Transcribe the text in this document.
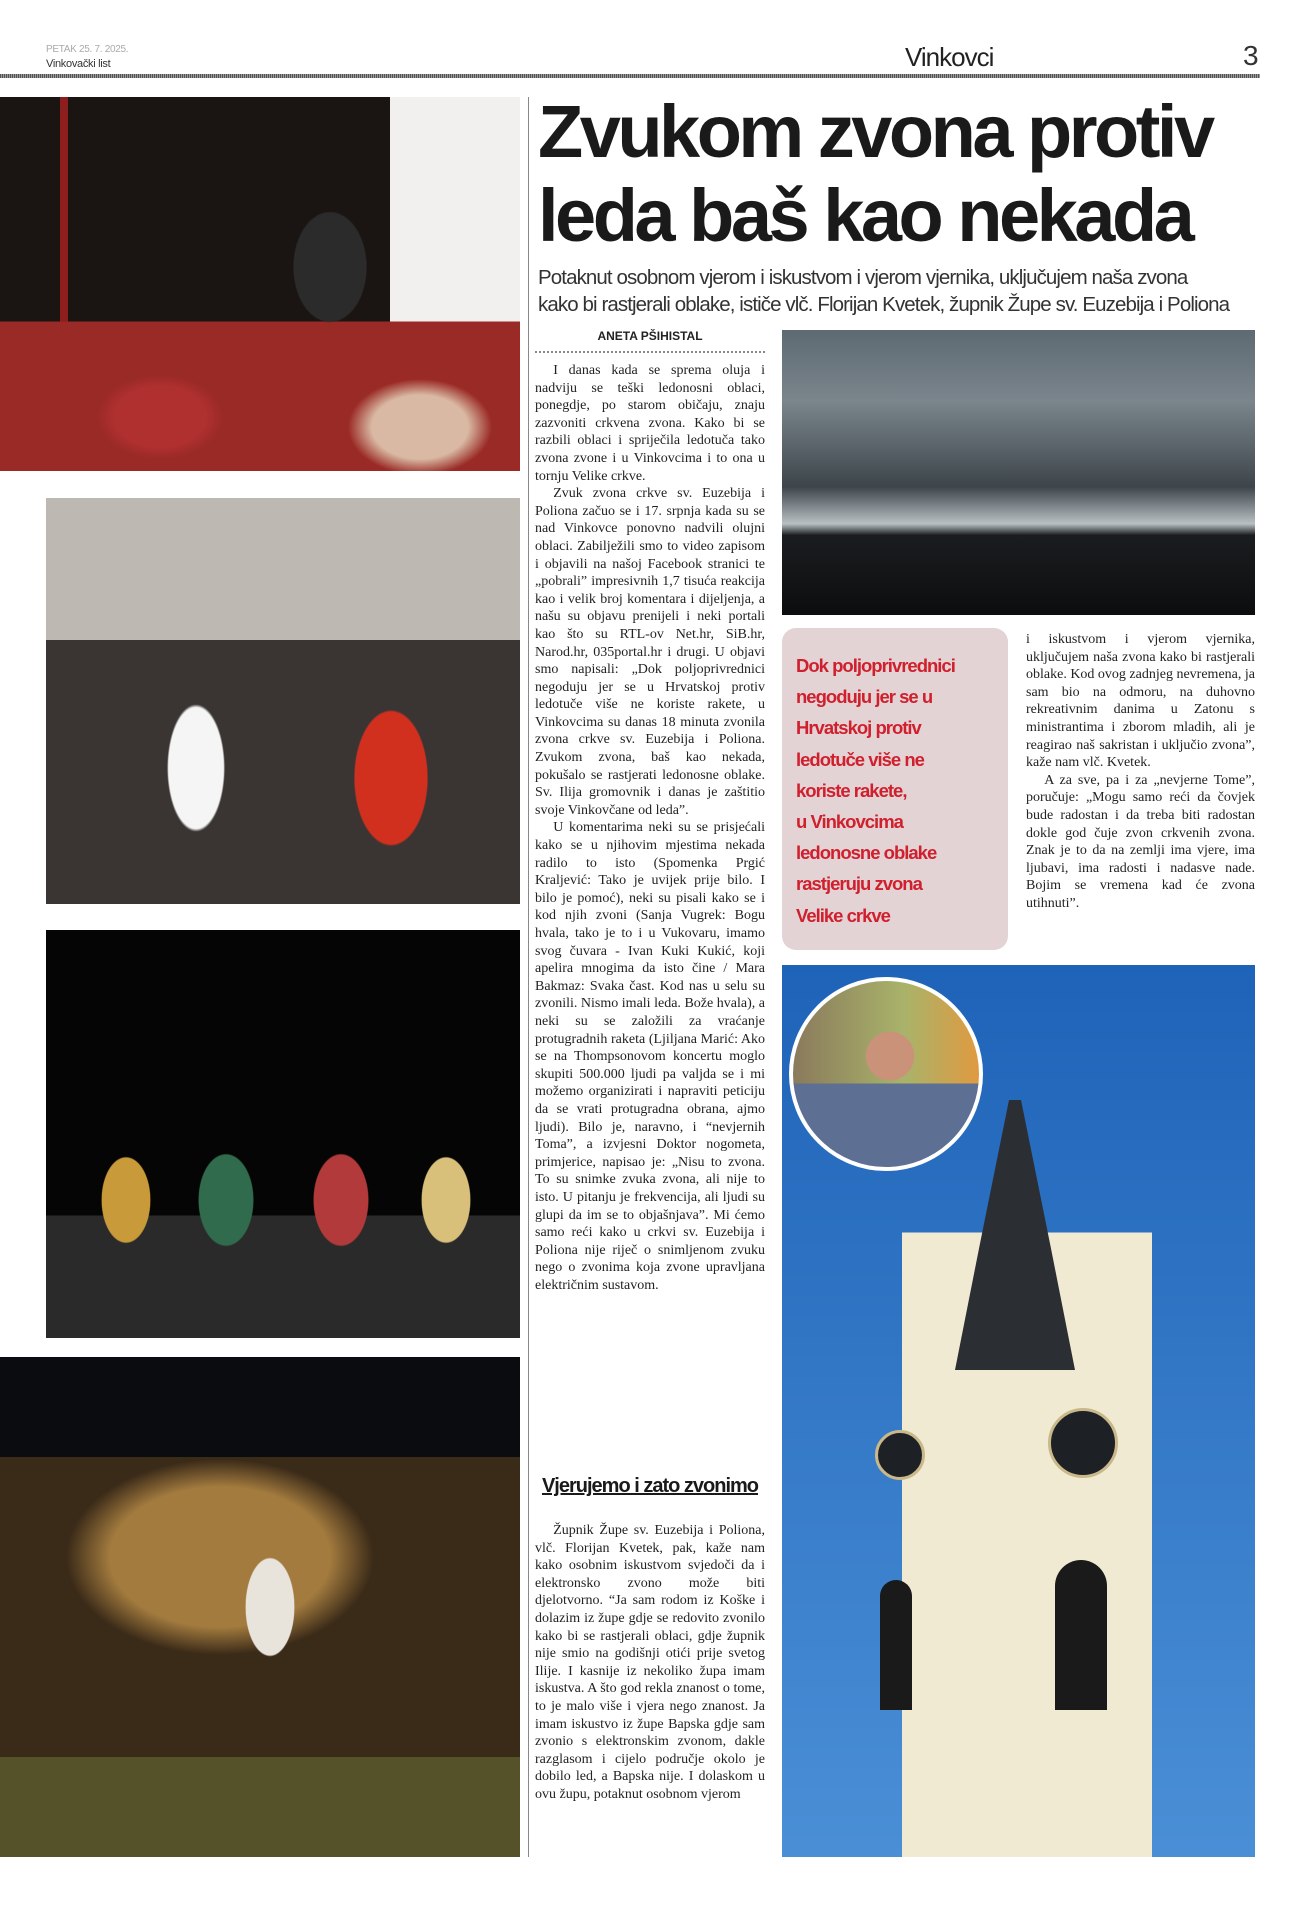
PETAK 25. 7. 2025.
Vinkovački list	Vinkovci	3
Zvukom zvona protiv
leda baš kao nekada
Potaknut osobnom vjerom i iskustvom i vjerom vjernika, uključujem naša zvona
kako bi rastjerali oblake, ističe vlč. Florijan Kvetek, župnik Župe sv. Euzebija i Poliona
ANETA PŠIHISTAL

I danas kada se sprema oluja i nadviju se teški ledonosni oblaci, ponegdje, po starom običaju, znaju zazvoniti crkvena zvona. Kako bi se razbili oblaci i spriječila ledotuča tako zvona zvone i u Vinkovcima i to ona u tornju Velike crkve.

Zvuk zvona crkve sv. Euzebija i Poliona začuo se i 17. srpnja kada su se nad Vinkovce ponovno nadvili olujni oblaci. Zabilježili smo to video zapisom i objavili na našoj Facebook stranici te „pobrali” impresivnih 1,7 tisuća reakcija kao i velik broj komentara i dijeljenja, a našu su objavu prenijeli i neki portali kao što su RTL-ov Net.hr, SiB.hr, Narod.hr, 035portal.hr i drugi. U objavi smo napisali: „Dok poljoprivrednici negoduju jer se u Hrvatskoj protiv ledotuče više ne koriste rakete, u Vinkovcima su danas 18 minuta zvonila zvona crkve sv. Euzebija i Poliona. Zvukom zvona, baš kao nekada, pokušalo se rastjerati ledonosne oblake. Sv. Ilija gromovnik i danas je zaštitio svoje Vinkovčane od leda”.

U komentarima neki su se prisjećali kako se u njihovim mjestima nekada radilo to isto (Spomenka Prgić Kraljević: Tako je uvijek prije bilo. I bilo je pomoć), neki su pisali kako se i kod njih zvoni (Sanja Vugrek: Bogu hvala, tako je to i u Vukovaru, imamo svog čuvara - Ivan Kuki Kukić, koji apelira mnogima da isto čine / Mara Bakmaz: Svaka čast. Kod nas u selu su zvonili. Nismo imali leda. Bože hvala), a neki su se založili za vraćanje protugradnih raketa (Ljiljana Marić: Ako se na Thompsonovom koncertu moglo skupiti 500.000 ljudi pa valjda se i mi možemo organizirati i napraviti peticiju da se vrati protugradna obrana, ajmo ljudi). Bilo je, naravno, i “nevjernih Toma”, a izvjesni Doktor nogometa, primjerice, napisao je: „Nisu to zvona. To su snimke zvuka zvona, ali nije to isto. U pitanju je frekvencija, ali ljudi su glupi da im se to objašnjava”. Mi ćemo samo reći kako u crkvi sv. Euzebija i Poliona nije riječ o snimljenom zvuku nego o zvonima koja zvone upravljana električnim sustavom.

Vjerujemo i zato zvonimo

Župnik Župe sv. Euzebija i Poliona, vlč. Florijan Kvetek, pak, kaže nam kako osobnim iskustvom svjedoči da i elektronsko zvono može biti djelotvorno. “Ja sam rodom iz Koške i dolazim iz župe gdje se redovito zvonilo kako bi se rastjerali oblaci, gdje župnik nije smio na godišnji otići prije svetog Ilije. I kasnije iz nekoliko župa imam iskustva. A što god rekla znanost o tome, to je malo više i vjera nego znanost. Ja imam iskustvo iz župe Bapska gdje sam zvonio s elektronskim zvonom, dakle razglasom i cijelo područje okolo je dobilo led, a Bapska nije. I dolaskom u ovu župu, potaknut osobnom vjerom

Dok poljoprivrednici
negoduju jer se u
Hrvatskoj protiv
ledotuče više ne
koriste rakete,
u Vinkovcima
ledonosne oblake
rastjeruju zvona
Velike crkve

i iskustvom i vjerom vjernika, uključujem naša zvona kako bi rastjerali oblake. Kod ovog zadnjeg nevremena, ja sam bio na odmoru, na duhovno rekreativnim danima u Zatonu s ministrantima i zborom mladih, ali je reagirao naš sakristan i uključio zvona”, kaže nam vlč. Kvetek.

A za sve, pa i za „nevjerne Tome”, poručuje: „Mogu samo reći da čovjek bude radostan i da treba biti radostan dokle god čuje zvon crkvenih zvona. Znak je to da na zemlji ima vjere, ima ljubavi, ima radosti i nadasve nade. Bojim se vremena kad će zvona utihnuti”.
